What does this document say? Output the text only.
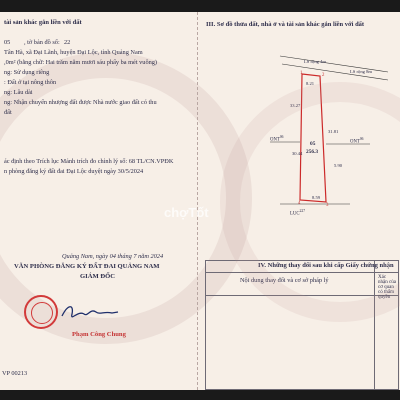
tài sản khác gắn liền với đất
05 , tờ bản đồ số: 22
Tân Hà, xã Đại Lãnh, huyện Đại Lộc, tỉnh Quảng Nam
,0m² (bằng chữ: Hai trăm năm mươi sáu phẩy ba mét vuông)
ng: Sử dụng riêng
: Đất ở tại nông thôn
ng: Lâu dài
ng: Nhận chuyển nhượng đất được Nhà nước giao đất có thu
đất
ác định theo Trích lục Mảnh trích đo chỉnh lý số: 68 TL/CN.VPĐK
n phòng đăng ký đất đai Đại Lộc duyệt ngày 30/5/2024
Quảng Nam, ngày 04 tháng 7 năm 2024
VĂN PHÒNG ĐĂNG KÝ ĐẤT ĐAI QUẢNG NAM
GIÁM ĐỐC
Phạm Công Chung
VP 00213
III. Sơ đồ thửa đất, nhà ở và tài sản khác gắn liền với đất
LS rộng 4m
LS rộng 8m
1	2
3
4
8.21
33.27
31.81
30.44
8.59
5.90
05
256.3
ONT$^{06}$
ONT$^{06}$
LUC$^{227}$
IV. Những thay đổi sau khi cấp Giấy chứng nhận
Nội dung thay đổi và cơ sở pháp lý	Xác nhận của cơ quan có thẩm quyền
chợTốt
